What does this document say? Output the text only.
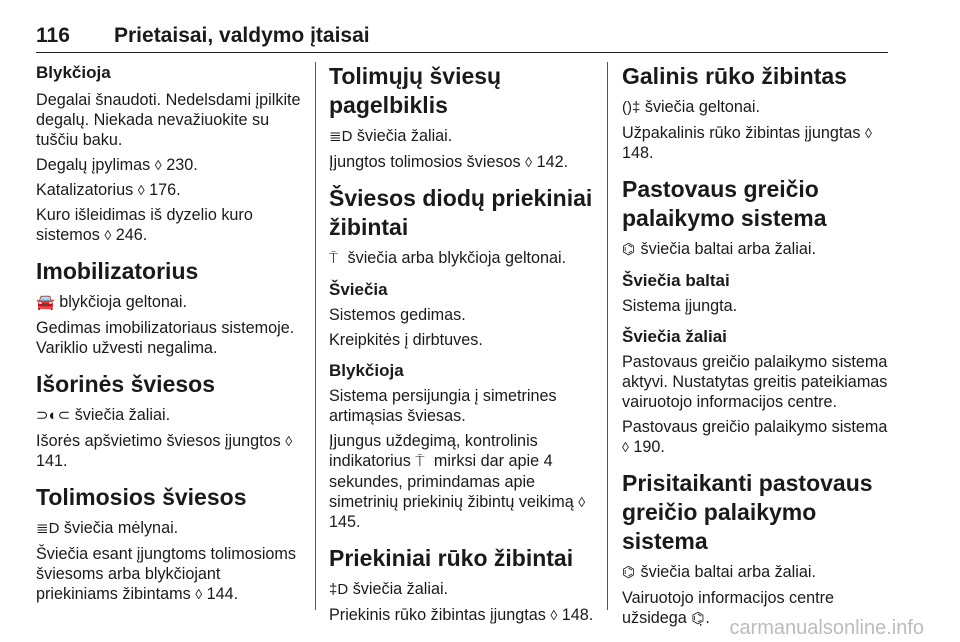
116 Prietaisai, valdymo įtaisai
Blykčioja

Degalai šnaudoti. Nedelsdami įpilkite degalų. Niekada nevažiuokite su tuščiu baku.

Degalų įpylimas ◊ 230.

Katalizatorius ◊ 176.

Kuro išleidimas iš dyzelio kuro sistemos ◊ 246.

Imobilizatorius

🚘 blykčioja geltonai.

Gedimas imobilizatoriaus sistemoje. Variklio užvesti negalima.

Išorinės šviesos

⊃◐⊂ šviečia žaliai.

Išorės apšvietimo šviesos įjungtos ◊ 141.

Tolimosios šviesos

≣D šviečia mėlynai.

Šviečia esant įjungtoms tolimosioms šviesoms arba blykčiojant priekiniams žibintams ◊ 144.

Tolimųjų šviesų pagelbiklis

≣D šviečia žaliai.

Įjungtos tolimosios šviesos ◊ 142.

Šviesos diodų priekiniai žibintai

⍑ šviečia arba blykčioja geltonai.

Šviečia

Sistemos gedimas.

Kreipkitės į dirbtuves.

Blykčioja

Sistema persijungia į simetrines artimąsias šviesas.

Įjungus uždegimą, kontrolinis indikatorius ⍑ mirksi dar apie 4 sekundes, primindamas apie simetrinių priekinių žibintų veikimą ◊ 145.

Priekiniai rūko žibintai

‡D šviečia žaliai.

Priekinis rūko žibintas įjungtas ◊ 148.

Galinis rūko žibintas

()‡ šviečia geltonai.

Užpakalinis rūko žibintas įjungtas ◊ 148.

Pastovaus greičio palaikymo sistema

⌬ šviečia baltai arba žaliai.

Šviečia baltai

Sistema įjungta.

Šviečia žaliai

Pastovaus greičio palaikymo sistema aktyvi. Nustatytas greitis pateikiamas vairuotojo informacijos centre.

Pastovaus greičio palaikymo sistema ◊ 190.

Prisitaikanti pastovaus greičio palaikymo sistema

⌬ šviečia baltai arba žaliai.

Vairuotojo informacijos centre užsidega ⌬̣. carmanualsonline.info
